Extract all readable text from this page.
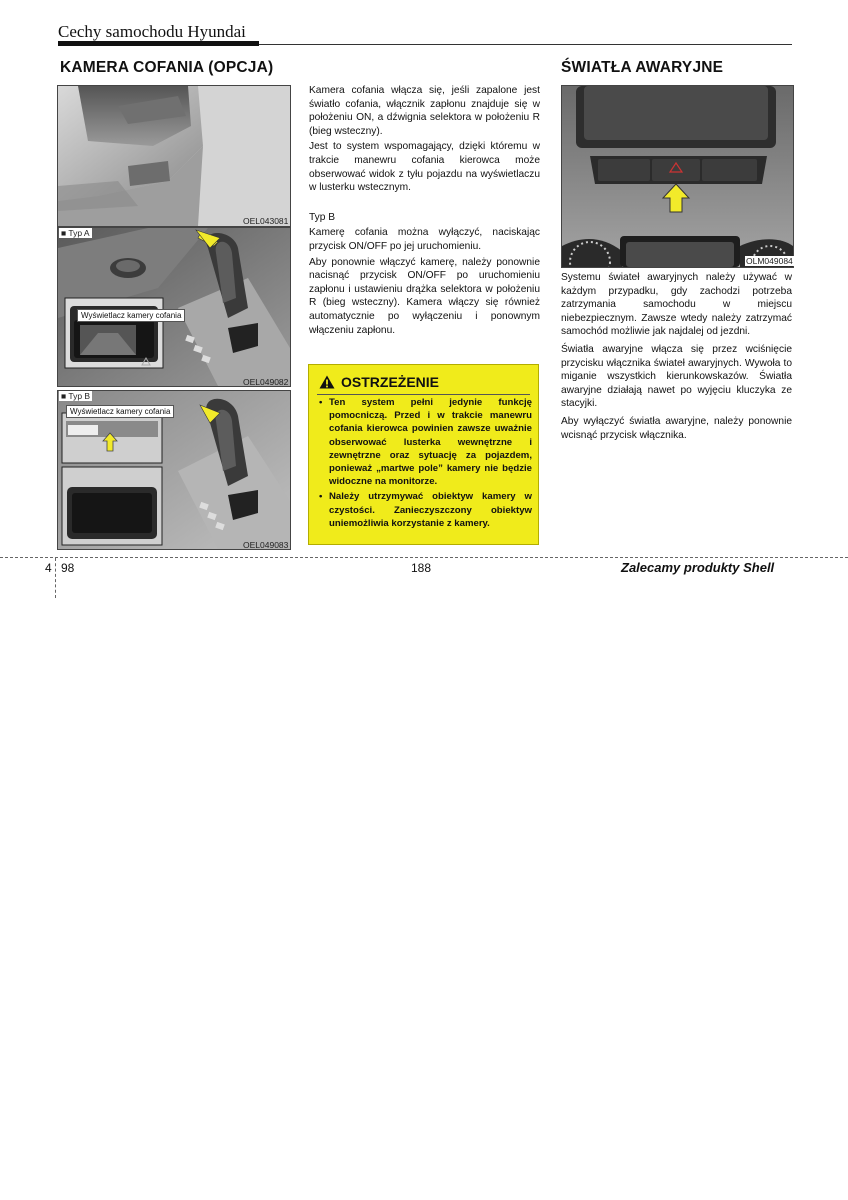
Cechy samochodu Hyundai
KAMERA COFANIA (OPCJA)	ŚWIATŁA AWARYJNE
OEL043081
■ Typ A
Wyświetlacz kamery cofania
OEL049082
■ Typ B
Wyświetlacz kamery cofania
OEL049083

Kamera cofania włącza się, jeśli zapalone jest światło cofania, włącznik zapłonu znajduje się w położeniu ON, a dźwignia selektora w położeniu R (bieg wsteczny).

Jest to system wspomagający, dzięki któremu w trakcie manewru cofania kierowca może obserwować widok z tyłu pojazdu na wyświetlaczu w lusterku wstecznym.

Typ B

Kamerę cofania można wyłączyć, naciskając przycisk ON/OFF po jej uruchomieniu.

Aby ponownie włączyć kamerę, należy ponownie nacisnąć przycisk ON/OFF po uruchomieniu zapłonu i ustawieniu drążka selektora w położeniu R (bieg wsteczny). Kamera włączy się również automatycznie po wyłączeniu i ponownym włączeniu zapłonu.

OSTRZEŻENIE
• Ten system pełni jedynie funkcję pomocniczą. Przed i w trakcie manewru cofania kierowca powinien zawsze uważnie obserwować lusterka wewnętrzne i zewnętrzne oraz sytuację za pojazdem, ponieważ „martwe pole” kamery nie będzie widoczne na monitorze.
• Należy utrzymywać obiektyw kamery w czystości. Zanieczyszczony obiektyw uniemożliwia korzystanie z kamery.
OLM049084

Systemu świateł awaryjnych należy używać w każdym przypadku, gdy zachodzi potrzeba zatrzymania samochodu w miejscu niebezpiecznym. Zawsze wtedy należy zatrzymać samochód możliwie jak najdalej od jezdni.

Światła awaryjne włącza się przez wciśnięcie przycisku włącznika świateł awaryjnych. Wywoła to miganie wszystkich kierunkowskazów. Światła awaryjne działają nawet po wyjęciu kluczyka ze stacyjki.

Aby wyłączyć światła awaryjne, należy ponownie wcisnąć przycisk włącznika.

4 98	188	Zalecamy produkty Shell
